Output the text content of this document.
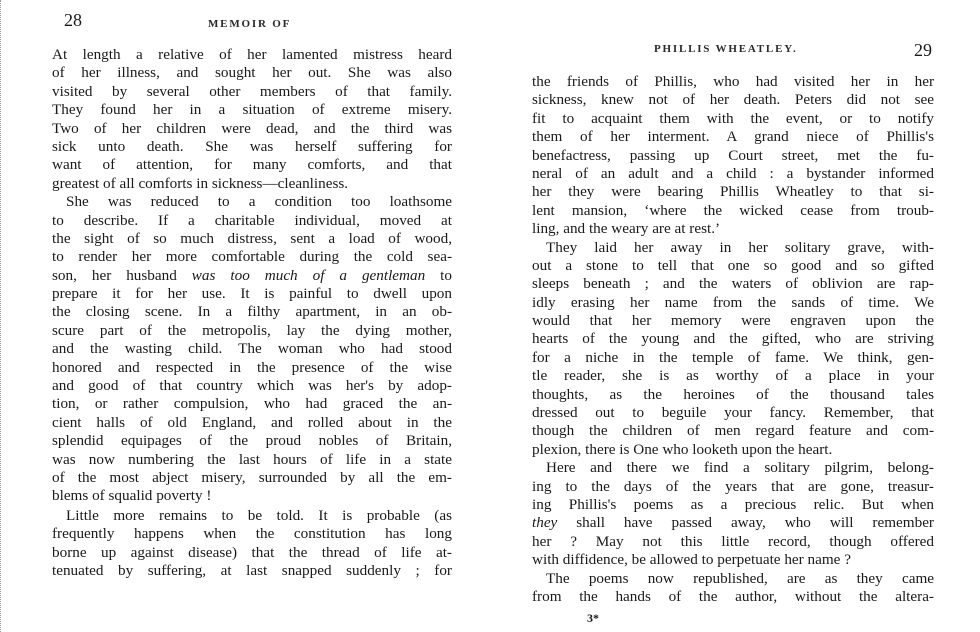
28	MEMOIR OF
At length a relative of her lamented mistress heard
of her illness, and sought her out. She was also
visited by several other members of that family.
They found her in a situation of extreme misery.
Two of her children were dead, and the third was
sick unto death. She was herself suffering for
want of attention, for many comforts, and that
greatest of all comforts in sickness—cleanliness.
She was reduced to a condition too loathsome
to describe. If a charitable individual, moved at
the sight of so much distress, sent a load of wood,
to render her more comfortable during the cold sea-
son, her husband was too much of a gentleman to
prepare it for her use. It is painful to dwell upon
the closing scene. In a filthy apartment, in an ob-
scure part of the metropolis, lay the dying mother,
and the wasting child. The woman who had stood
honored and respected in the presence of the wise
and good of that country which was her's by adop-
tion, or rather compulsion, who had graced the an-
cient halls of old England, and rolled about in the
splendid equipages of the proud nobles of Britain,
was now numbering the last hours of life in a state
of the most abject misery, surrounded by all the em-
blems of squalid poverty !
Little more remains to be told. It is probable (as
frequently happens when the constitution has long
borne up against disease) that the thread of life at-
tenuated by suffering, at last snapped suddenly ; for
PHILLIS WHEATLEY.	29
the friends of Phillis, who had visited her in her
sickness, knew not of her death. Peters did not see
fit to acquaint them with the event, or to notify
them of her interment. A grand niece of Phillis's
benefactress, passing up Court street, met the fu-
neral of an adult and a child : a bystander informed
her they were bearing Phillis Wheatley to that si-
lent mansion, ‘where the wicked cease from troub-
ling, and the weary are at rest.’
They laid her away in her solitary grave, with-
out a stone to tell that one so good and so gifted
sleeps beneath ; and the waters of oblivion are rap-
idly erasing her name from the sands of time. We
would that her memory were engraven upon the
hearts of the young and the gifted, who are striving
for a niche in the temple of fame. We think, gen-
tle reader, she is as worthy of a place in your
thoughts, as the heroines of the thousand tales
dressed out to beguile your fancy. Remember, that
though the children of men regard feature and com-
plexion, there is One who looketh upon the heart.
Here and there we find a solitary pilgrim, belong-
ing to the days of the years that are gone, treasur-
ing Phillis's poems as a precious relic. But when
they shall have passed away, who will remember
her ? May not this little record, though offered
with diffidence, be allowed to perpetuate her name ?
The poems now republished, are as they came
from the hands of the author, without the altera-
3*
